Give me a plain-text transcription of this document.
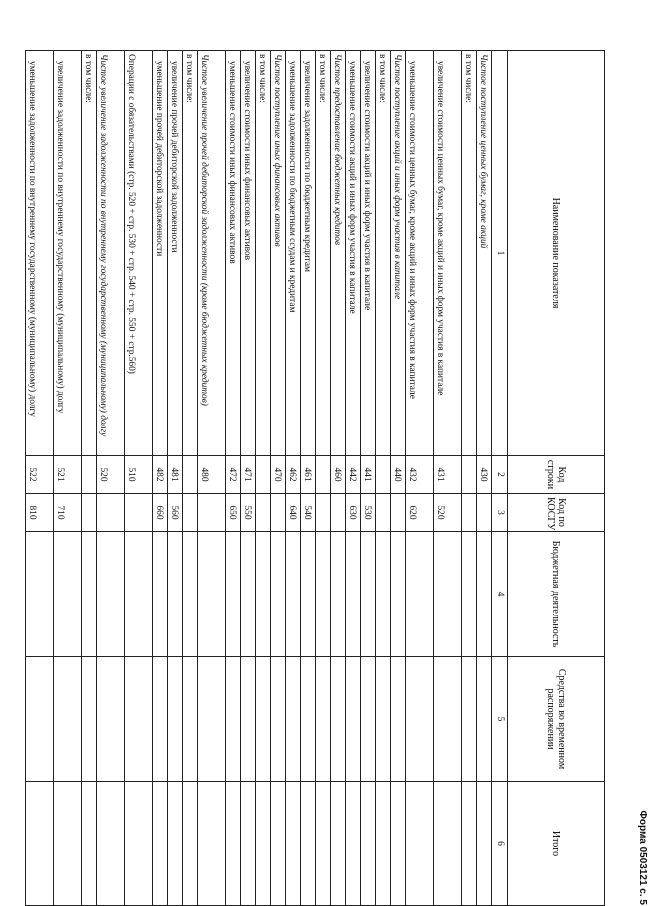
Форма 0503121 с. 5
Наименование показателя	Код строки	Код по КОСГУ	Бюджетная деятельность	Средства во временном распоряжении	Итого
1	2	3	4	5	6
Чистое поступление ценных бумаг, кроме акций	430				
в том числе:					
увеличение стоимости ценных бумаг, кроме акций и иных форм участия в капитале	431	520			
уменьшение стоимости ценных бумаг, кроме акций и иных форм участия в капитале	432	620			
Чистое поступление акций и иных форм участия в капитале	440				
в том числе:					
увеличение стоимости акций и иных форм участия в капитале	441	530			
уменьшение стоимости акций и иных форм участия в капитале	442	630			
Чистое предоставление бюджетных кредитов	460				
в том числе:					
увеличение задолженности по бюджетным кредитам	461	540			
уменьшение задолженности по бюджетным ссудам и кредитам	462	640			
Чистое поступление иных финансовых активов	470				
в том числе:					
увеличение стоимости иных финансовых активов	471	550			
уменьшение стоимости иных финансовых активов	472	650			
Чистое увеличение прочей дебиторской задолженности (кроме бюджетных кредитов)	480				
в том числе:					
увеличение прочей дебиторской задолженности	481	560			
уменьшение прочей дебиторской задолженности	482	660			
Операции с обязательствами (стр. 520 + стр. 530 + стр. 540 + стр. 550 + стр.560)	510				
Чистое увеличение задолженности по внутреннему государственному (муниципальному) долгу	520				
в том числе:					
увеличение задолженности по внутреннему государственному (муниципальному) долгу	521	710			
уменьшение задолженности по внутреннему государственному (муниципальному) долгу	522	810			
